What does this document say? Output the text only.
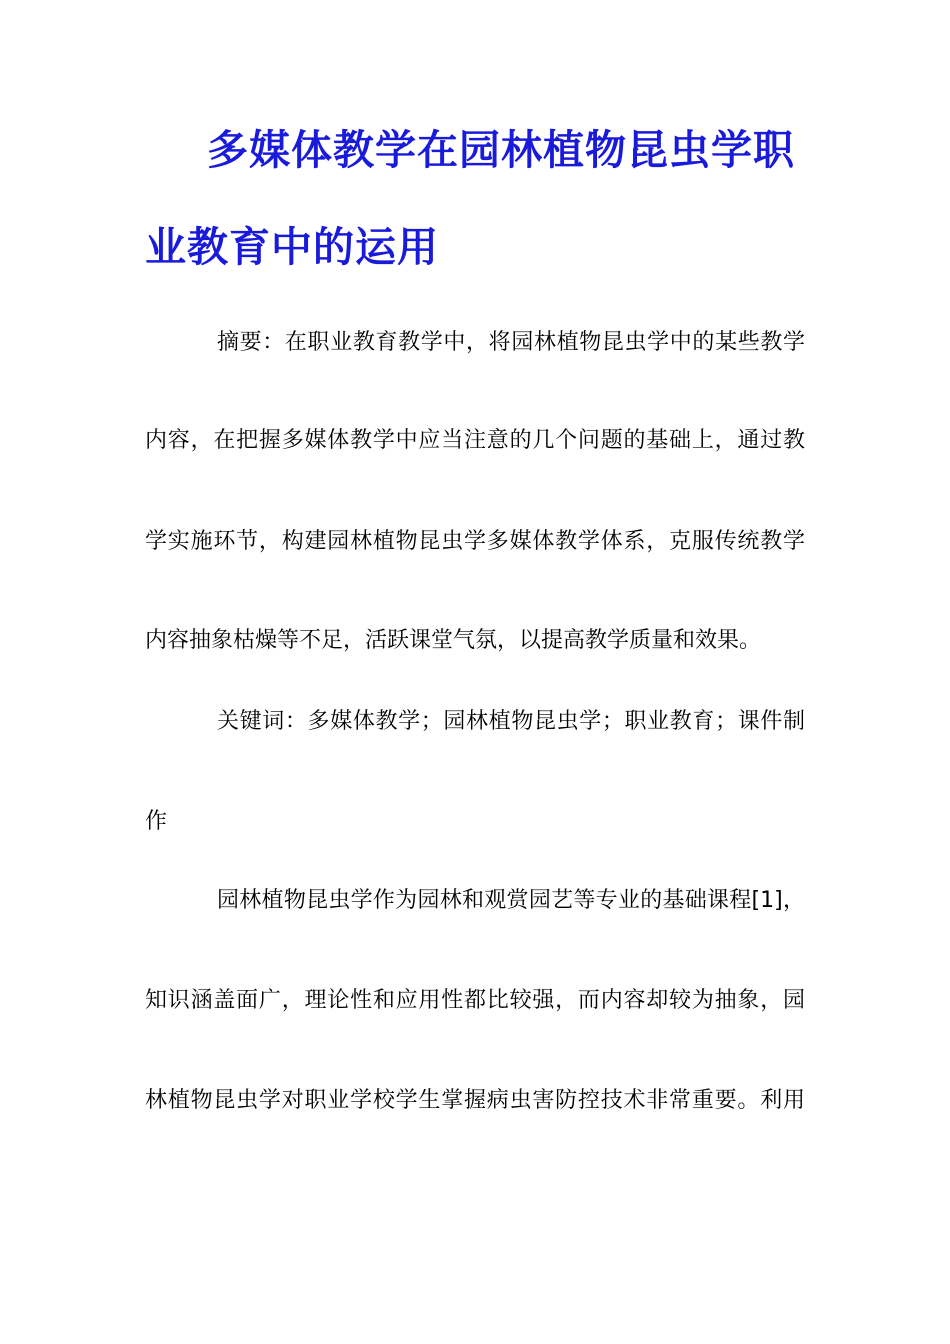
多媒体教学在园林植物昆虫学职
业教育中的运用
摘要：在职业教育教学中，将园林植物昆虫学中的某些教学
内容，在把握多媒体教学中应当注意的几个问题的基础上，通过教
学实施环节，构建园林植物昆虫学多媒体教学体系，克服传统教学
内容抽象枯燥等不足，活跃课堂气氛，以提高教学质量和效果。
关键词：多媒体教学；园林植物昆虫学；职业教育；课件制
作
园林植物昆虫学作为园林和观赏园艺等专业的基础课程[1]，
知识涵盖面广，理论性和应用性都比较强，而内容却较为抽象，园
林植物昆虫学对职业学校学生掌握病虫害防控技术非常重要。利用
